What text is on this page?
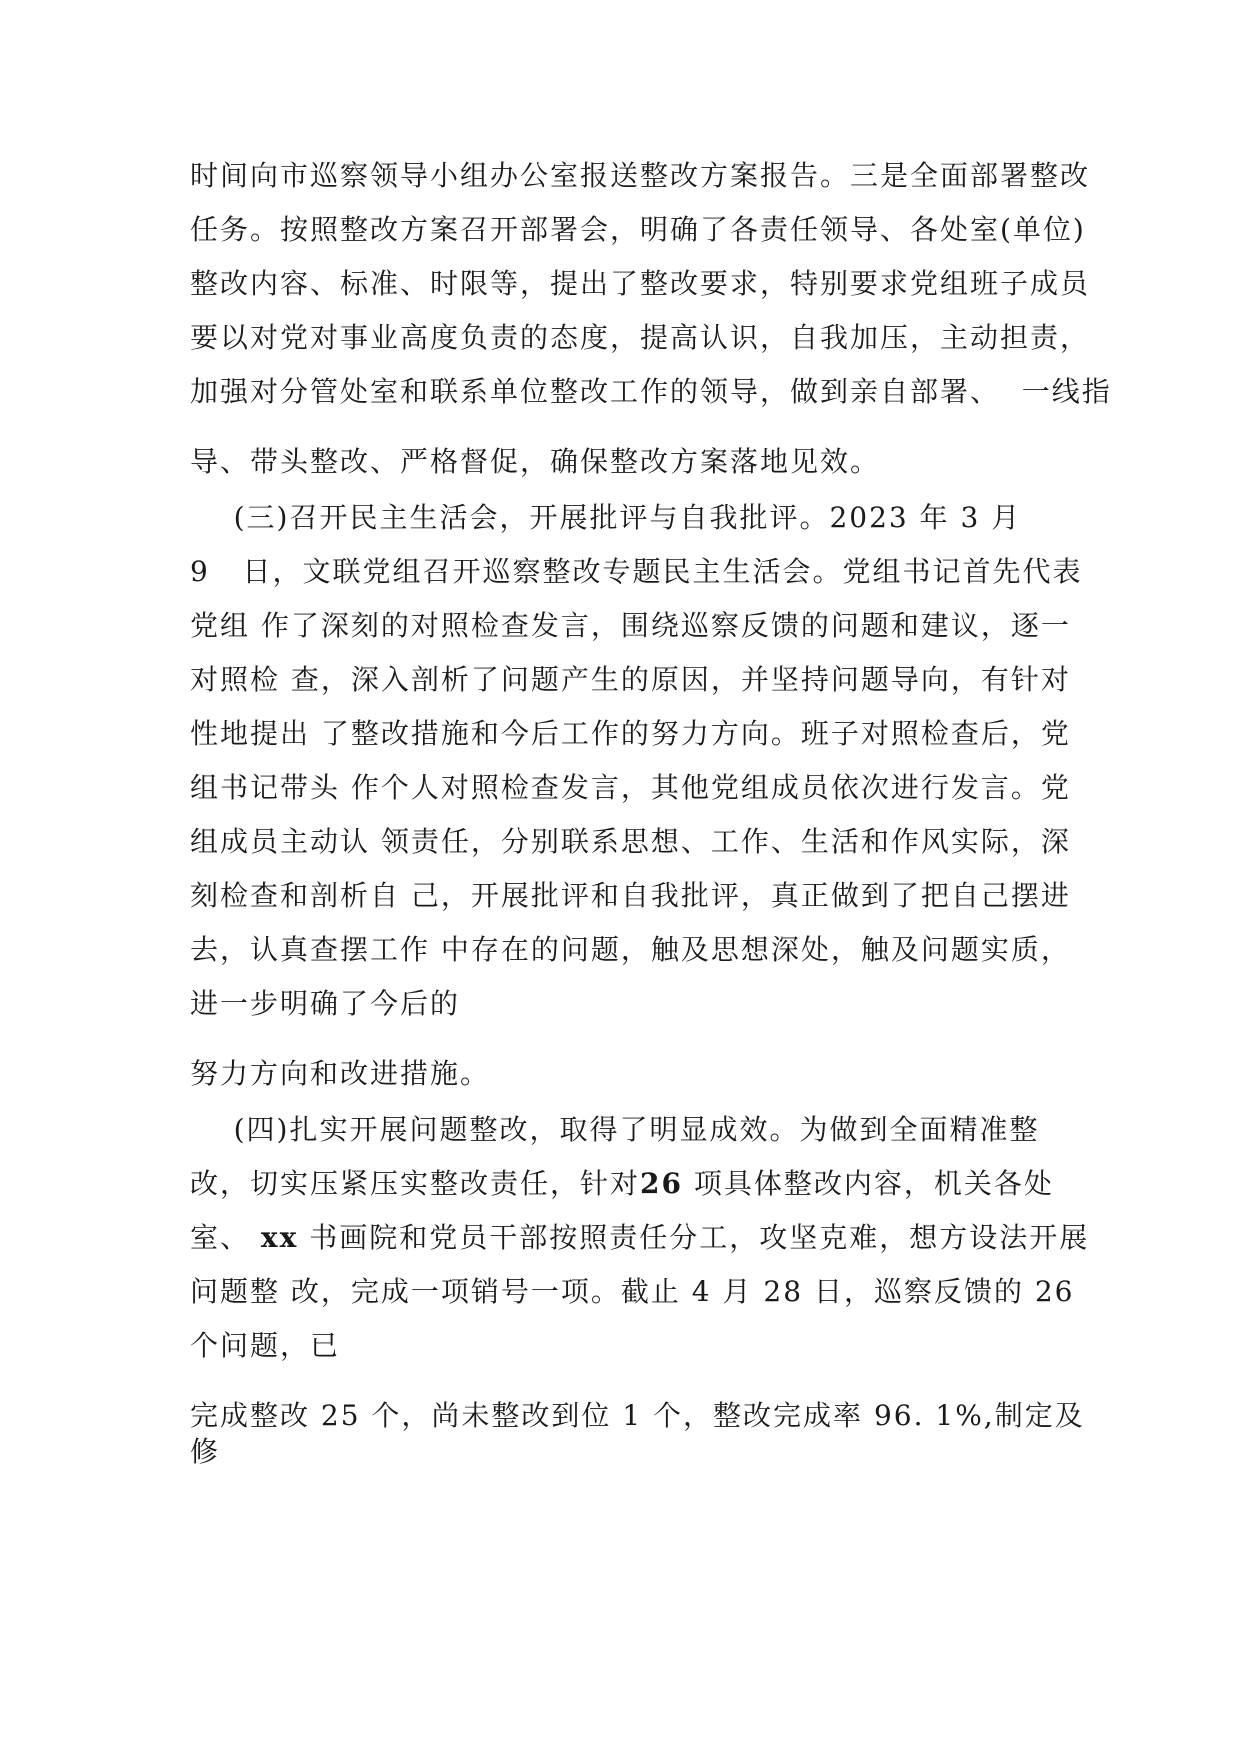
时间向市巡察领导小组办公室报送整改方案报告。三是全面部署整改
任务。按照整改方案召开部署会，明确了各责任领导、各处室(单位)
整改内容、标准、时限等，提出了整改要求，特别要求党组班子成员
要以对党对事业高度负责的态度，提高认识，自我加压，主动担责，
加强对分管处室和联系单位整改工作的领导，做到亲自部署、  一线指
导、带头整改、严格督促，确保整改方案落地见效。
(三)召开民主生活会，开展批评与自我批评。2023 年 3 月
9   日，文联党组召开巡察整改专题民主生活会。党组书记首先代表
党组 作了深刻的对照检查发言，围绕巡察反馈的问题和建议，逐一
对照检 查，深入剖析了问题产生的原因，并坚持问题导向，有针对
性地提出 了整改措施和今后工作的努力方向。班子对照检查后，党
组书记带头 作个人对照检查发言，其他党组成员依次进行发言。党
组成员主动认 领责任，分别联系思想、工作、生活和作风实际，深
刻检查和剖析自 己，开展批评和自我批评，真正做到了把自己摆进
去，认真查摆工作 中存在的问题，触及思想深处，触及问题实质，
进一步明确了今后的
努力方向和改进措施。
(四)扎实开展问题整改，取得了明显成效。为做到全面精准整
改，切实压紧压实整改责任，针对26 项具体整改内容，机关各处
室、 xx 书画院和党员干部按照责任分工，攻坚克难，想方设法开展
问题整 改，完成一项销号一项。截止 4 月 28 日，巡察反馈的 26
个问题，已
完成整改 25 个，尚未整改到位 1 个，整改完成率 96. 1%,制定及
修
